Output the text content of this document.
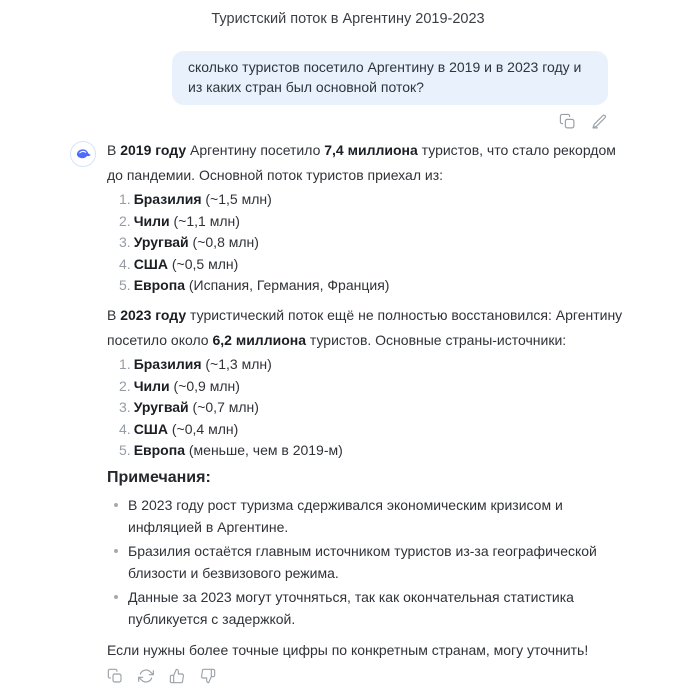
Туристский поток в Аргентину 2019-2023
сколько туристов посетило Аргентину в 2019 и в 2023 году и из каких стран был основной поток?

В 2019 году Аргентину посетило 7,4 миллиона туристов, что стало рекордом до пандемии. Основной поток туристов приехал из:

1. Бразилия (~1,5 млн)
2. Чили (~1,1 млн)
3. Уругвай (~0,8 млн)
4. США (~0,5 млн)
5. Европа (Испания, Германия, Франция)

В 2023 году туристический поток ещё не полностью восстановился: Аргентину посетило около 6,2 миллиона туристов. Основные страны-источники:

1. Бразилия (~1,3 млн)
2. Чили (~0,9 млн)
3. Уругвай (~0,7 млн)
4. США (~0,4 млн)
5. Европа (меньше, чем в 2019-м)
Примечания:
В 2023 году рост туризма сдерживался экономическим кризисом и инфляцией в Аргентине.
Бразилия остаётся главным источником туристов из-за географической близости и безвизового режима.
Данные за 2023 могут уточняться, так как окончательная статистика публикуется с задержкой.

Если нужны более точные цифры по конкретным странам, могу уточнить!
